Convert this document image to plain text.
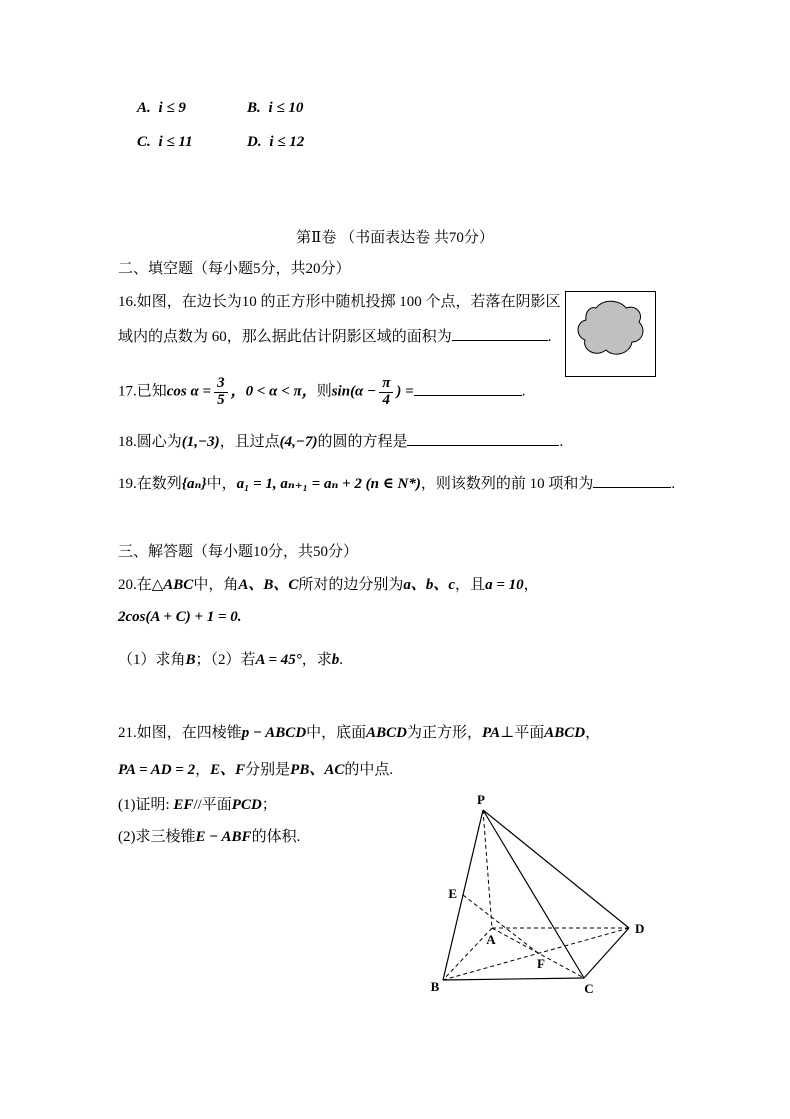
A. i ≤ 9	B. i ≤ 10
C. i ≤ 11	D. i ≤ 12
第Ⅱ卷 （书面表达卷 共70分）
二、填空题（每小题5分，共20分）
16.如图，在边长为10 的正方形中随机投掷 100 个点，若落在阴影区
域内的点数为 60，那么据此估计阴影区域的面积为	.
17.已知$\cos \alpha = \frac{3}{5}$ ，0 < α < π，则$\sin(\alpha - \frac{\pi}{4}$ ) =	.
18.圆心为(1,−3)，且过点(4,−7)的圆的方程是	.
19.在数列{aₙ}中，a₁ = 1, aₙ₊₁ = aₙ + 2 (n ∈ N*)，则该数列的前 10 项和为	.
三、解答题（每小题10分，共50分）
20.在△ABC中，角A、B、C所对的边分别为a、b、c，且a = 10，
2cos(A + C) + 1 = 0.
（1）求角B；（2）若A = 45°，求b.
21.如图，在四棱锥p − ABCD中，底面ABCD为正方形，PA⊥平面ABCD，
PA = AD = 2，E、F分别是PB、AC的中点.
(1)证明: EF//平面PCD；
(2)求三棱锥E − ABF的体积.
P
E
A
D
F
B	C
